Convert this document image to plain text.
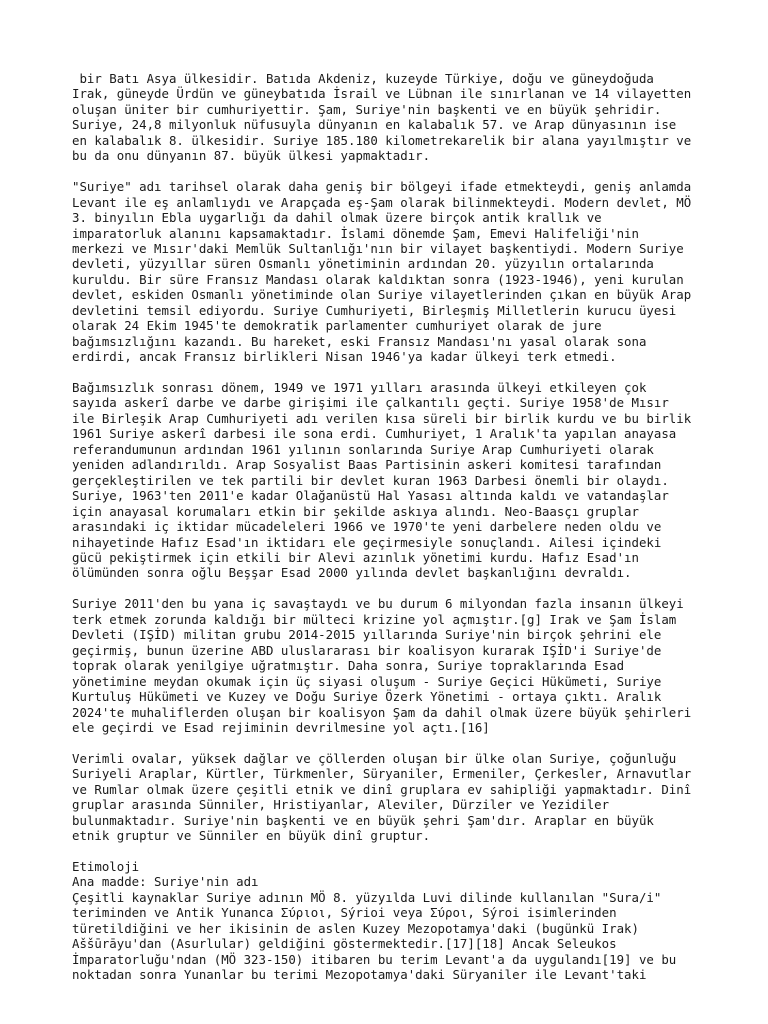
bir Batı Asya ülkesidir. Batıda Akdeniz, kuzeyde Türkiye, doğu ve güneydoğuda
Irak, güneyde Ürdün ve güneybatıda İsrail ve Lübnan ile sınırlanan ve 14 vilayetten
oluşan üniter bir cumhuriyettir. Şam, Suriye'nin başkenti ve en büyük şehridir.
Suriye, 24,8 milyonluk nüfusuyla dünyanın en kalabalık 57. ve Arap dünyasının ise
en kalabalık 8. ülkesidir. Suriye 185.180 kilometrekarelik bir alana yayılmıştır ve
bu da onu dünyanın 87. büyük ülkesi yapmaktadır.

"Suriye" adı tarihsel olarak daha geniş bir bölgeyi ifade etmekteydi, geniş anlamda
Levant ile eş anlamlıydı ve Arapçada eş-Şam olarak bilinmekteydi. Modern devlet, MÖ
3. binyılın Ebla uygarlığı da dahil olmak üzere birçok antik krallık ve
imparatorluk alanını kapsamaktadır. İslami dönemde Şam, Emevi Halifeliği'nin
merkezi ve Mısır'daki Memlük Sultanlığı'nın bir vilayet başkentiydi. Modern Suriye
devleti, yüzyıllar süren Osmanlı yönetiminin ardından 20. yüzyılın ortalarında
kuruldu. Bir süre Fransız Mandası olarak kaldıktan sonra (1923-1946), yeni kurulan
devlet, eskiden Osmanlı yönetiminde olan Suriye vilayetlerinden çıkan en büyük Arap
devletini temsil ediyordu. Suriye Cumhuriyeti, Birleşmiş Milletlerin kurucu üyesi
olarak 24 Ekim 1945'te demokratik parlamenter cumhuriyet olarak de jure
bağımsızlığını kazandı. Bu hareket, eski Fransız Mandası'nı yasal olarak sona
erdirdi, ancak Fransız birlikleri Nisan 1946'ya kadar ülkeyi terk etmedi.

Bağımsızlık sonrası dönem, 1949 ve 1971 yılları arasında ülkeyi etkileyen çok
sayıda askerî darbe ve darbe girişimi ile çalkantılı geçti. Suriye 1958'de Mısır
ile Birleşik Arap Cumhuriyeti adı verilen kısa süreli bir birlik kurdu ve bu birlik
1961 Suriye askerî darbesi ile sona erdi. Cumhuriyet, 1 Aralık'ta yapılan anayasa
referandumunun ardından 1961 yılının sonlarında Suriye Arap Cumhuriyeti olarak
yeniden adlandırıldı. Arap Sosyalist Baas Partisinin askeri komitesi tarafından
gerçekleştirilen ve tek partili bir devlet kuran 1963 Darbesi önemli bir olaydı.
Suriye, 1963'ten 2011'e kadar Olağanüstü Hal Yasası altında kaldı ve vatandaşlar
için anayasal korumaları etkin bir şekilde askıya alındı. Neo-Baasçı gruplar
arasındaki iç iktidar mücadeleleri 1966 ve 1970'te yeni darbelere neden oldu ve
nihayetinde Hafız Esad'ın iktidarı ele geçirmesiyle sonuçlandı. Ailesi içindeki
gücü pekiştirmek için etkili bir Alevi azınlık yönetimi kurdu. Hafız Esad'ın
ölümünden sonra oğlu Beşşar Esad 2000 yılında devlet başkanlığını devraldı.

Suriye 2011'den bu yana iç savaştaydı ve bu durum 6 milyondan fazla insanın ülkeyi
terk etmek zorunda kaldığı bir mülteci krizine yol açmıştır.[g] Irak ve Şam İslam
Devleti (IŞİD) militan grubu 2014-2015 yıllarında Suriye'nin birçok şehrini ele
geçirmiş, bunun üzerine ABD uluslararası bir koalisyon kurarak IŞİD'i Suriye'de
toprak olarak yenilgiye uğratmıştır. Daha sonra, Suriye topraklarında Esad
yönetimine meydan okumak için üç siyasi oluşum - Suriye Geçici Hükümeti, Suriye
Kurtuluş Hükümeti ve Kuzey ve Doğu Suriye Özerk Yönetimi - ortaya çıktı. Aralık
2024'te muhaliflerden oluşan bir koalisyon Şam da dahil olmak üzere büyük şehirleri
ele geçirdi ve Esad rejiminin devrilmesine yol açtı.[16]

Verimli ovalar, yüksek dağlar ve çöllerden oluşan bir ülke olan Suriye, çoğunluğu
Suriyeli Araplar, Kürtler, Türkmenler, Süryaniler, Ermeniler, Çerkesler, Arnavutlar
ve Rumlar olmak üzere çeşitli etnik ve dinî gruplara ev sahipliği yapmaktadır. Dinî
gruplar arasında Sünniler, Hristiyanlar, Aleviler, Dürziler ve Yezidiler
bulunmaktadır. Suriye'nin başkenti ve en büyük şehri Şam'dır. Araplar en büyük
etnik gruptur ve Sünniler en büyük dinî gruptur.

Etimoloji
Ana madde: Suriye'nin adı
Çeşitli kaynaklar Suriye adının MÖ 8. yüzyılda Luvi dilinde kullanılan "Sura/i"
teriminden ve Antik Yunanca Σύριοι, Sýrioi veya Σύροι, Sýroi isimlerinden
türetildiğini ve her ikisinin de aslen Kuzey Mezopotamya'daki (bugünkü Irak)
Aššūrāyu'dan (Asurlular) geldiğini göstermektedir.[17][18] Ancak Seleukos
İmparatorluğu'ndan (MÖ 323-150) itibaren bu terim Levant'a da uygulandı[19] ve bu
noktadan sonra Yunanlar bu terimi Mezopotamya'daki Süryaniler ile Levant'taki
